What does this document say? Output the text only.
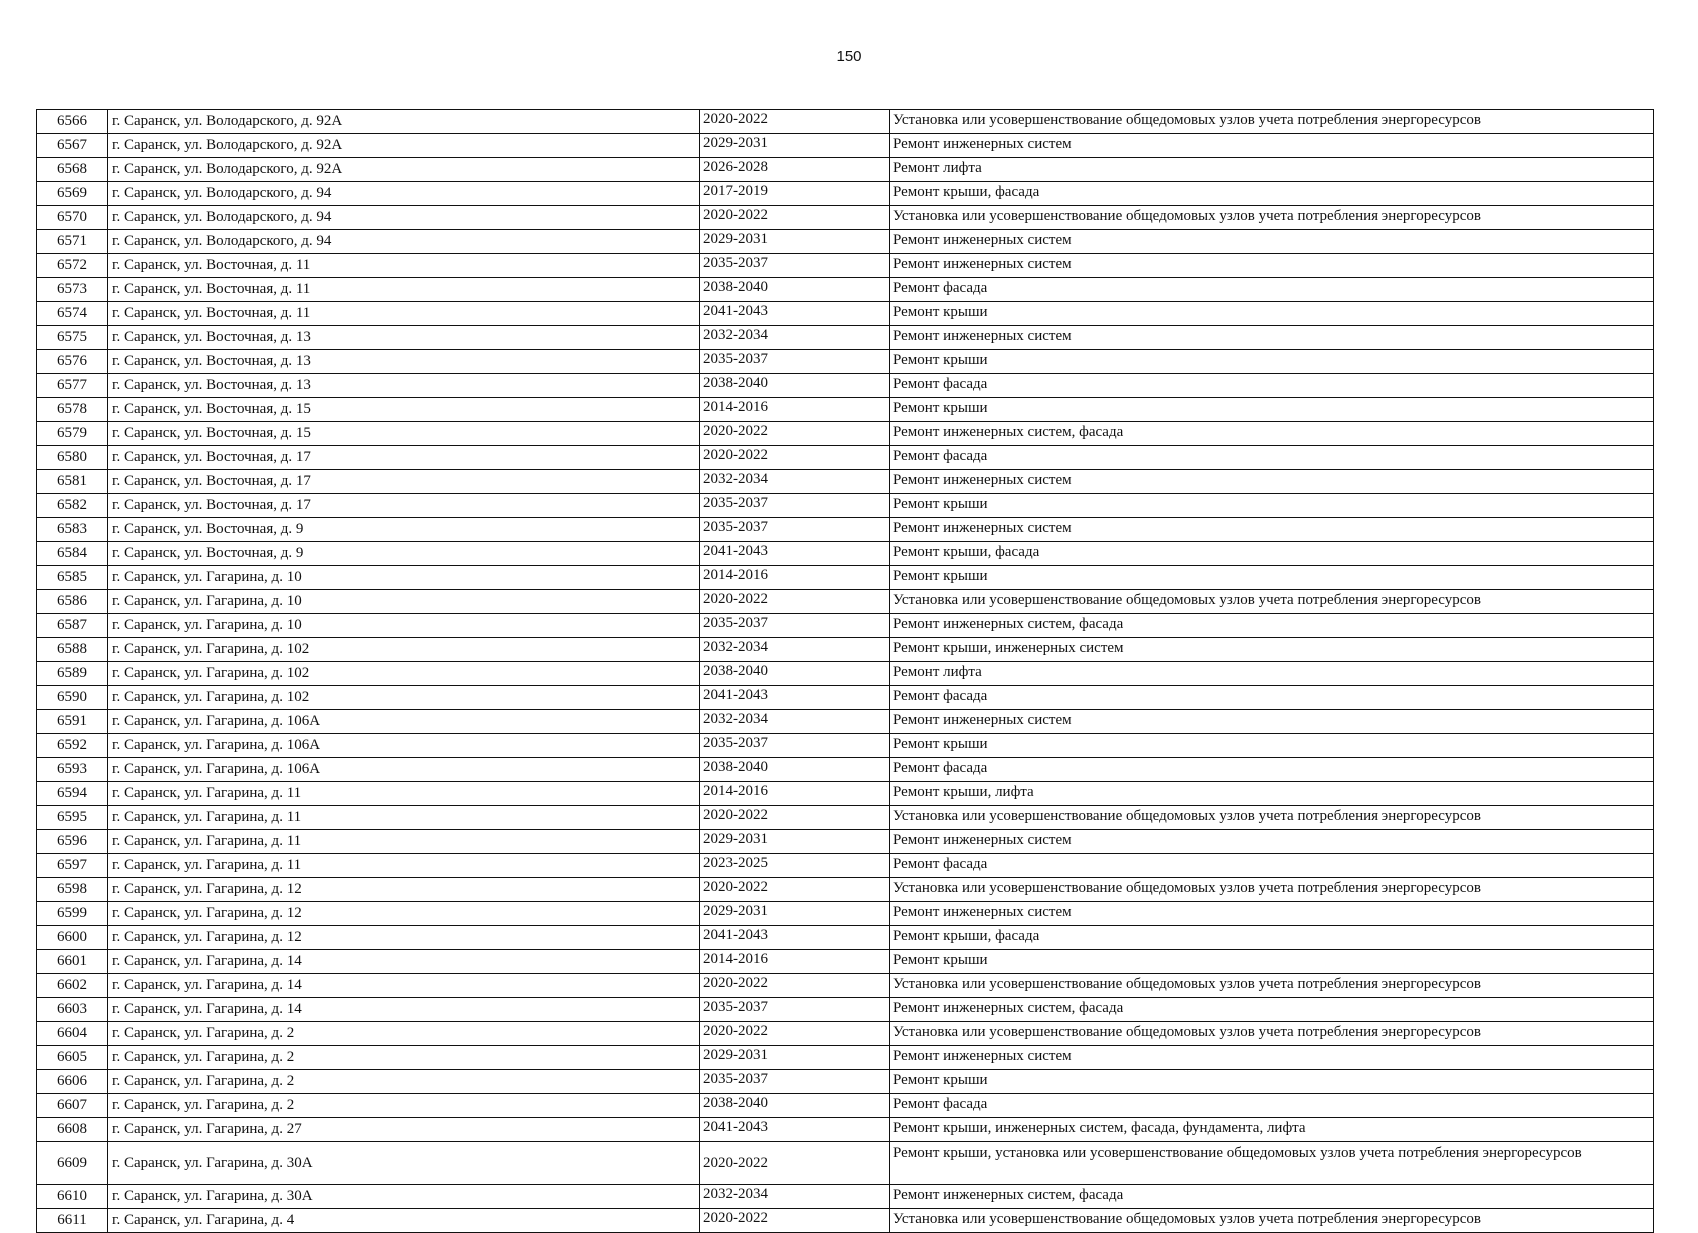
150
6566	г. Саранск, ул. Володарского, д. 92А	2020-2022	Установка или усовершенствование общедомовых узлов учета потребления энергоресурсов
6567	г. Саранск, ул. Володарского, д. 92А	2029-2031	Ремонт инженерных систем
6568	г. Саранск, ул. Володарского, д. 92А	2026-2028	Ремонт лифта
6569	г. Саранск, ул. Володарского, д. 94	2017-2019	Ремонт крыши, фасада
6570	г. Саранск, ул. Володарского, д. 94	2020-2022	Установка или усовершенствование общедомовых узлов учета потребления энергоресурсов
6571	г. Саранск, ул. Володарского, д. 94	2029-2031	Ремонт инженерных систем
6572	г. Саранск, ул. Восточная, д. 11	2035-2037	Ремонт инженерных систем
6573	г. Саранск, ул. Восточная, д. 11	2038-2040	Ремонт фасада
6574	г. Саранск, ул. Восточная, д. 11	2041-2043	Ремонт крыши
6575	г. Саранск, ул. Восточная, д. 13	2032-2034	Ремонт инженерных систем
6576	г. Саранск, ул. Восточная, д. 13	2035-2037	Ремонт крыши
6577	г. Саранск, ул. Восточная, д. 13	2038-2040	Ремонт фасада
6578	г. Саранск, ул. Восточная, д. 15	2014-2016	Ремонт крыши
6579	г. Саранск, ул. Восточная, д. 15	2020-2022	Ремонт инженерных систем, фасада
6580	г. Саранск, ул. Восточная, д. 17	2020-2022	Ремонт фасада
6581	г. Саранск, ул. Восточная, д. 17	2032-2034	Ремонт инженерных систем
6582	г. Саранск, ул. Восточная, д. 17	2035-2037	Ремонт крыши
6583	г. Саранск, ул. Восточная, д. 9	2035-2037	Ремонт инженерных систем
6584	г. Саранск, ул. Восточная, д. 9	2041-2043	Ремонт крыши, фасада
6585	г. Саранск, ул. Гагарина, д. 10	2014-2016	Ремонт крыши
6586	г. Саранск, ул. Гагарина, д. 10	2020-2022	Установка или усовершенствование общедомовых узлов учета потребления энергоресурсов
6587	г. Саранск, ул. Гагарина, д. 10	2035-2037	Ремонт инженерных систем, фасада
6588	г. Саранск, ул. Гагарина, д. 102	2032-2034	Ремонт крыши, инженерных систем
6589	г. Саранск, ул. Гагарина, д. 102	2038-2040	Ремонт лифта
6590	г. Саранск, ул. Гагарина, д. 102	2041-2043	Ремонт фасада
6591	г. Саранск, ул. Гагарина, д. 106А	2032-2034	Ремонт инженерных систем
6592	г. Саранск, ул. Гагарина, д. 106А	2035-2037	Ремонт крыши
6593	г. Саранск, ул. Гагарина, д. 106А	2038-2040	Ремонт фасада
6594	г. Саранск, ул. Гагарина, д. 11	2014-2016	Ремонт крыши, лифта
6595	г. Саранск, ул. Гагарина, д. 11	2020-2022	Установка или усовершенствование общедомовых узлов учета потребления энергоресурсов
6596	г. Саранск, ул. Гагарина, д. 11	2029-2031	Ремонт инженерных систем
6597	г. Саранск, ул. Гагарина, д. 11	2023-2025	Ремонт фасада
6598	г. Саранск, ул. Гагарина, д. 12	2020-2022	Установка или усовершенствование общедомовых узлов учета потребления энергоресурсов
6599	г. Саранск, ул. Гагарина, д. 12	2029-2031	Ремонт инженерных систем
6600	г. Саранск, ул. Гагарина, д. 12	2041-2043	Ремонт крыши, фасада
6601	г. Саранск, ул. Гагарина, д. 14	2014-2016	Ремонт крыши
6602	г. Саранск, ул. Гагарина, д. 14	2020-2022	Установка или усовершенствование общедомовых узлов учета потребления энергоресурсов
6603	г. Саранск, ул. Гагарина, д. 14	2035-2037	Ремонт инженерных систем, фасада
6604	г. Саранск, ул. Гагарина, д. 2	2020-2022	Установка или усовершенствование общедомовых узлов учета потребления энергоресурсов
6605	г. Саранск, ул. Гагарина, д. 2	2029-2031	Ремонт инженерных систем
6606	г. Саранск, ул. Гагарина, д. 2	2035-2037	Ремонт крыши
6607	г. Саранск, ул. Гагарина, д. 2	2038-2040	Ремонт фасада
6608	г. Саранск, ул. Гагарина, д. 27	2041-2043	Ремонт крыши, инженерных систем, фасада, фундамента, лифта
6609	г. Саранск, ул. Гагарина, д. 30А	2020-2022	Ремонт крыши, установка или усовершенствование общедомовых узлов учета потребления энергоресурсов
6610	г. Саранск, ул. Гагарина, д. 30А	2032-2034	Ремонт инженерных систем, фасада
6611	г. Саранск, ул. Гагарина, д. 4	2020-2022	Установка или усовершенствование общедомовых узлов учета потребления энергоресурсов
